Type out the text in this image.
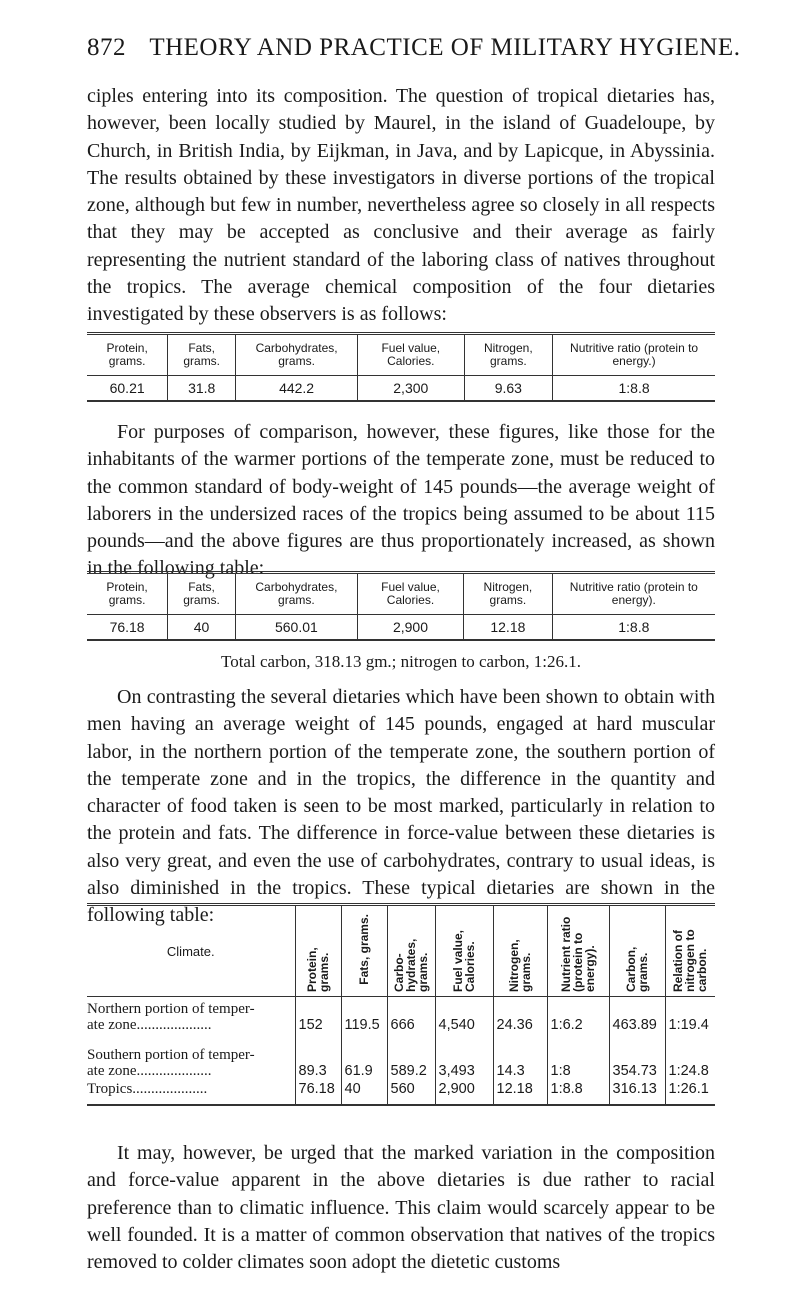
872 THEORY AND PRACTICE OF MILITARY HYGIENE.

ciples entering into its composition. The question of tropical dietaries has, however, been locally studied by Maurel, in the island of Guadeloupe, by Church, in British India, by Eijkman, in Java, and by Lapicque, in Abyssinia. The results obtained by these investigators in diverse portions of the tropical zone, although but few in number, nevertheless agree so closely in all respects that they may be accepted as conclusive and their average as fairly representing the nutrient standard of the laboring class of natives throughout the tropics. The average chemical composition of the four dietaries investigated by these observers is as follows:

Protein, grams.	Fats, grams.	Carbohydrates, grams.	Fuel value, Calories.	Nitrogen, grams.	Nutritive ratio (protein to energy.)
60.21	31.8	442.2	2,300	9.63	1:8.8

For purposes of comparison, however, these figures, like those for the inhabitants of the warmer portions of the temperate zone, must be reduced to the common standard of body-weight of 145 pounds—the average weight of laborers in the undersized races of the tropics being assumed to be about 115 pounds—and the above figures are thus proportionately increased, as shown in the following table:

Protein, grams.	Fats, grams.	Carbohydrates, grams.	Fuel value, Calories.	Nitrogen, grams.	Nutritive ratio (protein to energy).
76.18	40	560.01	2,900	12.18	1:8.8
Total carbon, 318.13 gm.; nitrogen to carbon, 1:26.1.

On contrasting the several dietaries which have been shown to obtain with men having an average weight of 145 pounds, engaged at hard muscular labor, in the northern portion of the temperate zone, the southern portion of the temperate zone and in the tropics, the difference in the quantity and character of food taken is seen to be most marked, particularly in relation to the protein and fats. The difference in force-value between these dietaries is also very great, and even the use of carbohydrates, contrary to usual ideas, is also diminished in the tropics. These typical dietaries are shown in the following table:

Climate.	Protein, grams.	Fats, grams.	Carbo-hydrates, grams.	Fuel value, Calories.	Nitrogen, grams.	Nutrient ratio (protein to energy).	Carbon, grams.	Relation of nitrogen to carbon.

Northern portion of temper-
ate zone....................	152	119.5	666	4,540	24.36	1:6.2	463.89	1:19.4

Southern portion of temper-
ate zone....................	89.3	61.9	589.2	3,493	14.3	1:8	354.73	1:24.8

Tropics....................	76.18	40	560	2,900	12.18	1:8.8	316.13	1:26.1

It may, however, be urged that the marked variation in the composition and force-value apparent in the above dietaries is due rather to racial preference than to climatic influence. This claim would scarcely appear to be well founded. It is a matter of common observation that natives of the tropics removed to colder climates soon adopt the dietetic customs
